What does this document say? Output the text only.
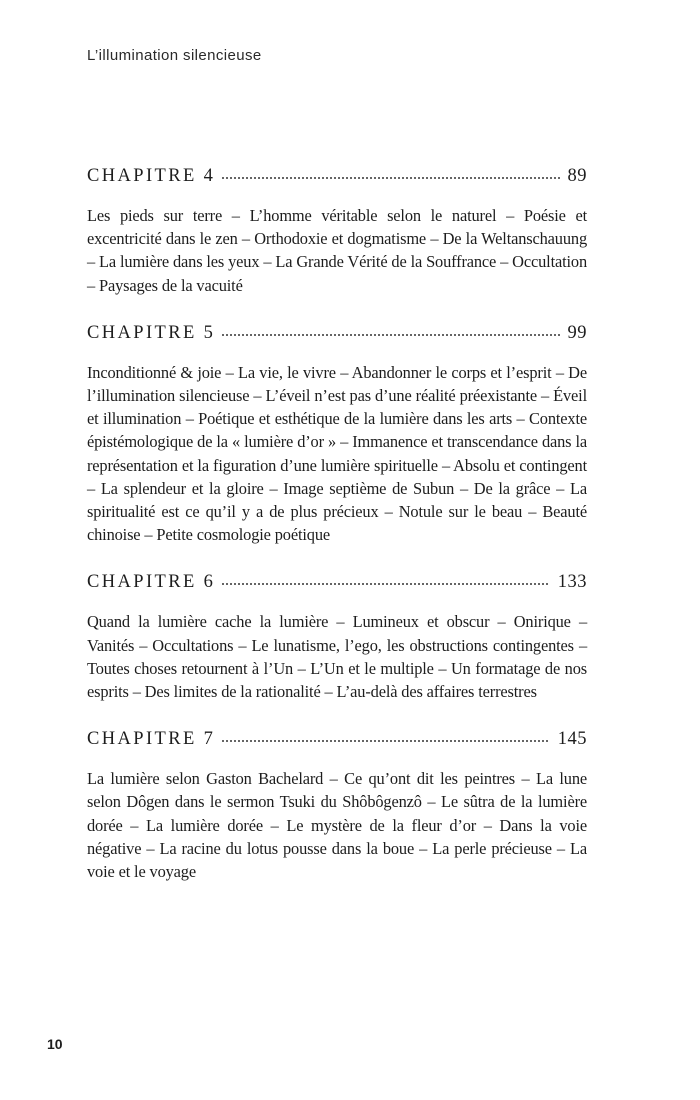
L’illumination silencieuse
CHAPITRE 4	89

Les pieds sur terre – L’homme véritable selon le naturel – Poésie et excentricité dans le zen – Orthodoxie et dogmatisme – De la Weltanschauung – La lumière dans les yeux – La Grande Vérité de la Souffrance – Occultation – Paysages de la vacuité

CHAPITRE 5	99

Inconditionné & joie – La vie, le vivre – Abandonner le corps et l’esprit – De l’illumination silencieuse – L’éveil n’est pas d’une réalité préexistante – Éveil et illumination – Poétique et esthétique de la lumière dans les arts – Contexte épistémologique de la « lumière d’or » – Immanence et transcendance dans la représentation et la figuration d’une lumière spirituelle – Absolu et contingent – La splendeur et la gloire – Image septième de Subun – De la grâce – La spiritualité est ce qu’il y a de plus précieux – Notule sur le beau – Beauté chinoise – Petite cosmologie poétique

CHAPITRE 6	133

Quand la lumière cache la lumière – Lumineux et obscur – Onirique – Vanités – Occultations – Le lunatisme, l’ego, les obstructions contingentes – Toutes choses retournent à l’Un – L’Un et le multiple – Un formatage de nos esprits – Des limites de la rationalité – L’au-delà des affaires terrestres

CHAPITRE 7	145

La lumière selon Gaston Bachelard – Ce qu’ont dit les peintres – La lune selon Dôgen dans le sermon Tsuki du Shôbôgenzô – Le sûtra de la lumière dorée – La lumière dorée – Le mystère de la fleur d’or – Dans la voie négative – La racine du lotus pousse dans la boue – La perle précieuse – La voie et le voyage

10
